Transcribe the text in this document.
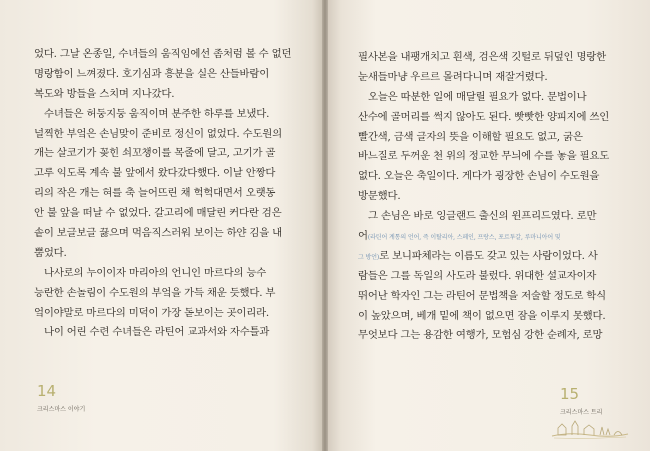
었다. 그날 온종일, 수녀들의 움직임에선 좀처럼 볼 수 없던
명랑함이 느껴졌다. 호기심과 흥분을 실은 산들바람이
복도와 방들을 스치며 지나갔다.
수녀들은 허둥지둥 움직이며 분주한 하루를 보냈다.
널찍한 부엌은 손님맞이 준비로 정신이 없었다. 수도원의
개는 살코기가 꽂힌 쇠꼬챙이를 목줄에 달고, 고기가 골
고루 익도록 계속 불 앞에서 왔다갔다했다. 이날 안짱다
리의 작은 개는 혀를 축 늘어뜨린 채 헉헉대면서 오랫동
안 불 앞을 떠날 수 없었다. 갈고리에 매달린 커다란 검은
솥이 보글보글 끓으며 먹음직스러워 보이는 하얀 김을 내
뿜었다.
나사로의 누이이자 마리아의 언니인 마르다의 능수
능란한 손놀림이 수도원의 부엌을 가득 채운 듯했다. 부
엌이야말로 마르다의 미덕이 가장 돋보이는 곳이리라.
나이 어린 수련 수녀들은 라틴어 교과서와 자수틀과
14
크리스마스 이야기
필사본을 내팽개치고 흰색, 검은색 깃털로 뒤덮인 명랑한
눈새들마냥 우르르 몰려다니며 재잘거렸다.
오늘은 따분한 일에 매달릴 필요가 없다. 문법이나
산수에 골머리를 썩지 않아도 된다. 빳빳한 양피지에 쓰인
빨간색, 금색 글자의 뜻을 이해할 필요도 없고, 굵은
바느질로 두꺼운 천 위의 정교한 무늬에 수를 놓을 필요도
없다. 오늘은 축일이다. 게다가 굉장한 손님이 수도원을
방문했다.
그 손님은 바로 잉글랜드 출신의 윈프리드였다. 로만
어(라틴어 계통의 언어, 즉 이탈리아, 스페인, 프랑스, 포르투갈, 루마니아어 및
그 방언)로 보니파체라는 이름도 갖고 있는 사람이었다. 사
람들은 그를 독일의 사도라 불렀다. 위대한 설교자이자
뛰어난 학자인 그는 라틴어 문법책을 저술할 정도로 학식
이 높았으며, 베개 밑에 책이 없으면 잠을 이루지 못했다.
무엇보다 그는 용감한 여행가, 모험심 강한 순례자, 로망
15
크리스마스 트리
